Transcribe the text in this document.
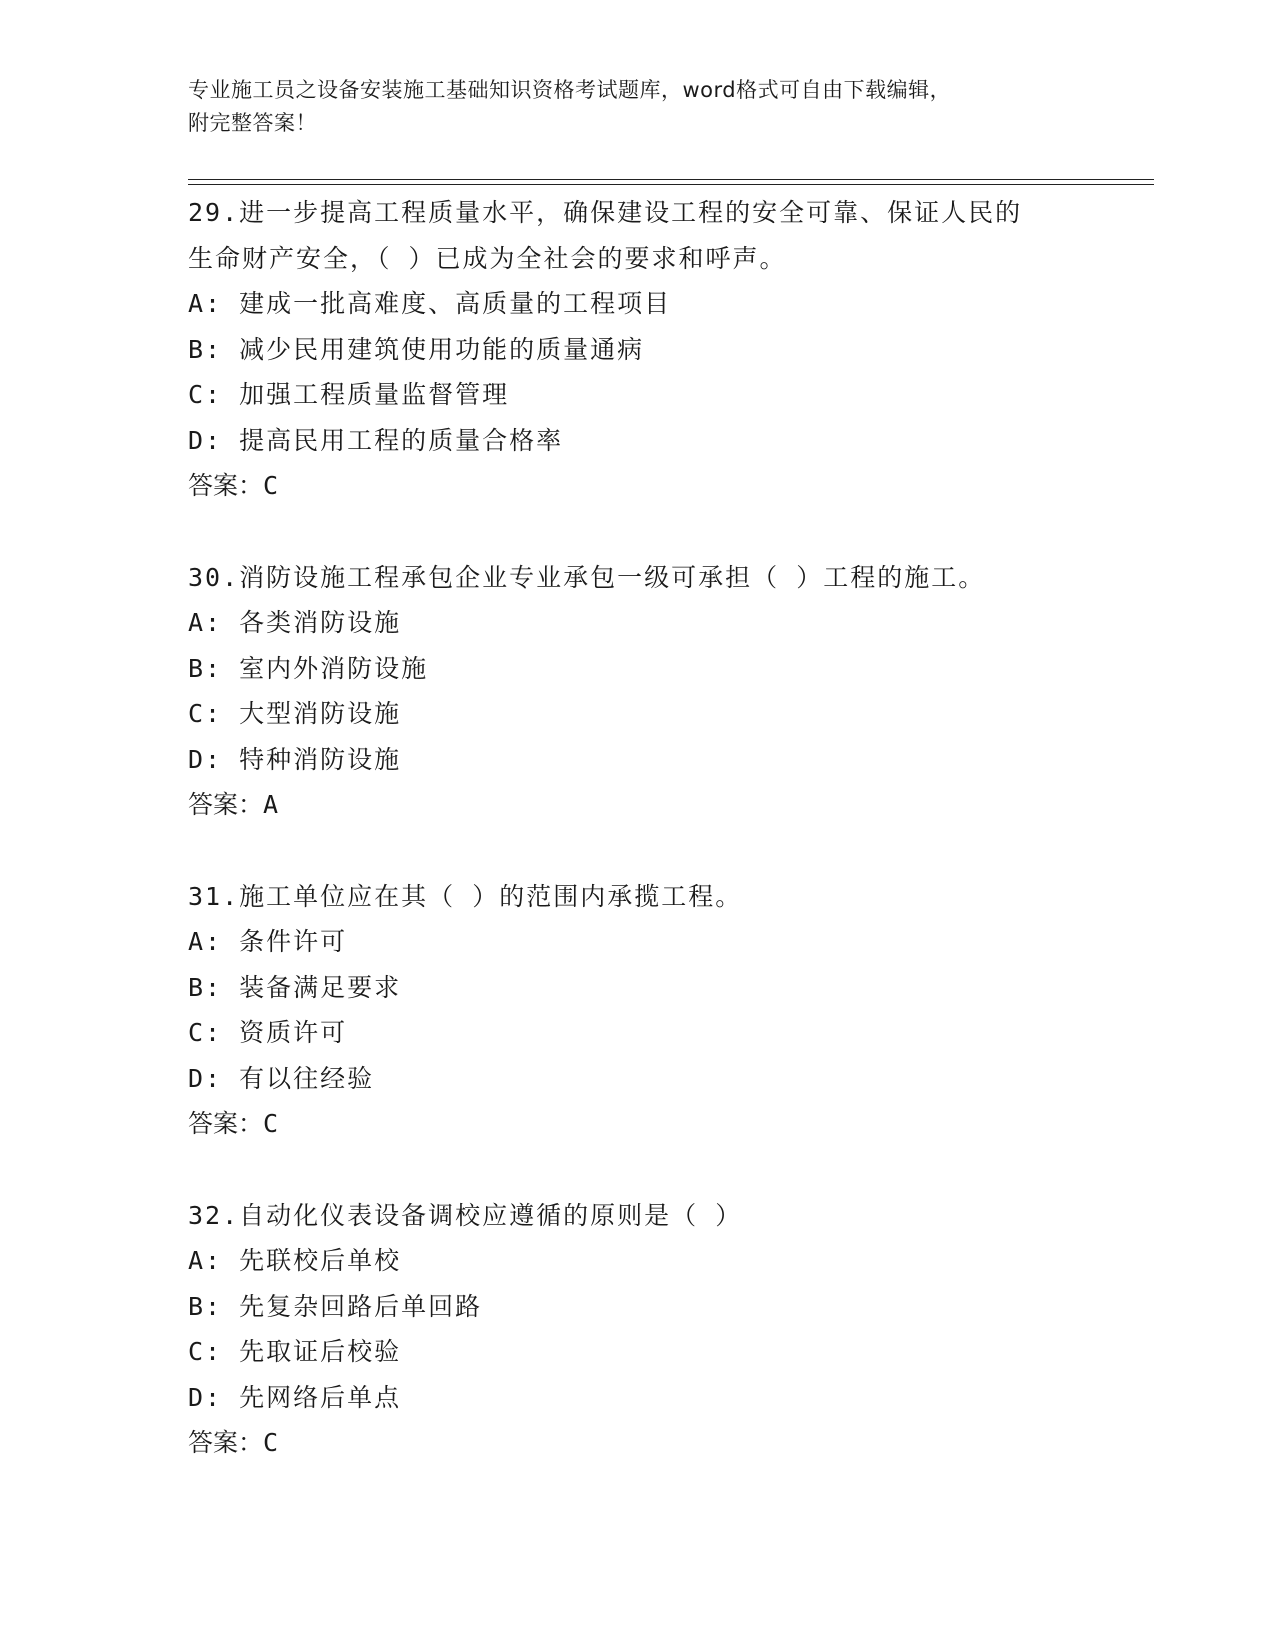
专业施工员之设备安装施工基础知识资格考试题库，word格式可自由下载编辑，
附完整答案！
29.进一步提高工程质量水平，确保建设工程的安全可靠、保证人民的
生命财产安全，（ ）已成为全社会的要求和呼声。
A: 建成一批高难度、高质量的工程项目
B: 减少民用建筑使用功能的质量通病
C: 加强工程质量监督管理
D: 提高民用工程的质量合格率
答案：C
30.消防设施工程承包企业专业承包一级可承担（ ）工程的施工。
A: 各类消防设施
B: 室内外消防设施
C: 大型消防设施
D: 特种消防设施
答案：A
31.施工单位应在其（ ）的范围内承揽工程。
A: 条件许可
B: 装备满足要求
C: 资质许可
D: 有以往经验
答案：C
32.自动化仪表设备调校应遵循的原则是（ ）
A: 先联校后单校
B: 先复杂回路后单回路
C: 先取证后校验
D: 先网络后单点
答案：C
